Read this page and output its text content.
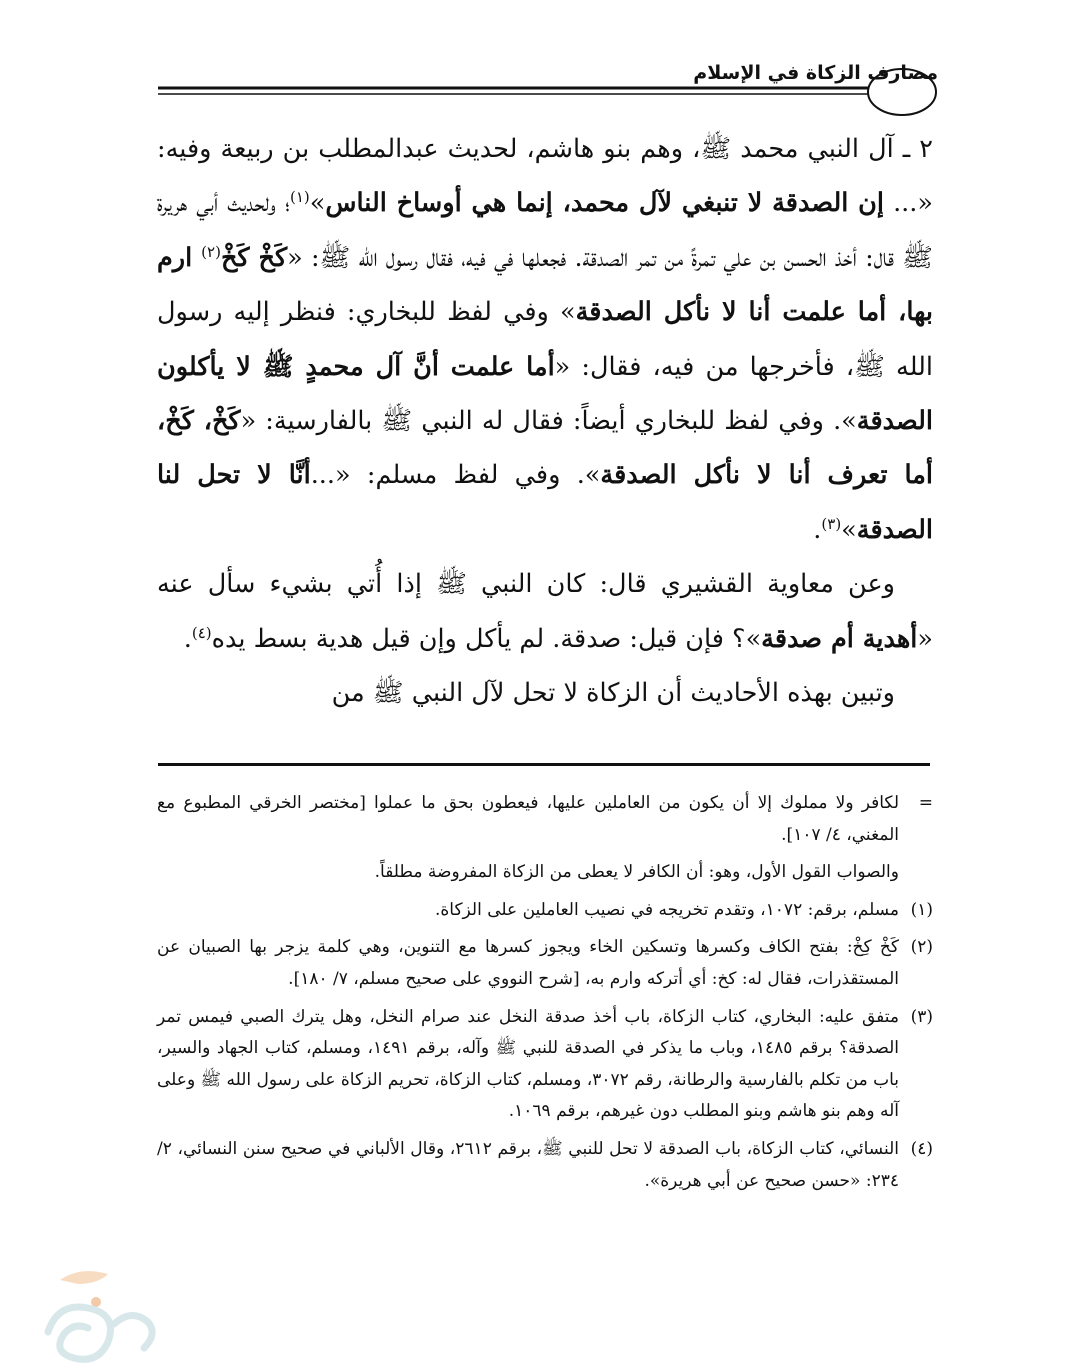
مصارف الزكاة في الإسلام

٢ ـ آل النبي محمد ﷺ، وهم بنو هاشم، لحديث عبدالمطلب بن ربيعة وفيه: «... إن الصدقة لا تنبغي لآل محمد، إنما هي أوساخ الناس»$^{(١)}$؛ ولحديث أبي هريرة ﷺ قال: أخذ الحسن بن علي تمرةً من تمر الصدقة. فجعلها في فيه، فقال رسول الله ﷺ: «كَخْ كَخْ$^{(٢)}$ ارم بها، أما علمت أنا لا نأكل الصدقة» وفي لفظ للبخاري: فنظر إليه رسول الله ﷺ، فأخرجها من فيه، فقال: «أما علمت أنَّ آل محمدٍ ﷺ لا يأكلون الصدقة». وفي لفظ للبخاري أيضاً: فقال له النبي ﷺ بالفارسية: «كَخْ، كَخْ، أما تعرف أنا لا نأكل الصدقة». وفي لفظ مسلم: «...أنَّا لا تحل لنا الصدقة»$^{(٣)}$.

وعن معاوية القشيري قال: كان النبي ﷺ إذا أُتي بشيء سأل عنه «أهدية أم صدقة»؟ فإن قيل: صدقة. لم يأكل وإن قيل هدية بسط يده$^{(٤)}$.

وتبين بهذه الأحاديث أن الزكاة لا تحل لآل النبي ﷺ من

=لكافر ولا مملوك إلا أن يكون من العاملين عليها، فيعطون بحق ما عملوا [مختصر الخرقي المطبوع مع المغني، ٤/ ١٠٧].

والصواب القول الأول، وهو: أن الكافر لا يعطى من الزكاة المفروضة مطلقاً.

(١)مسلم، برقم: ١٠٧٢، وتقدم تخريجه في نصيب العاملين على الزكاة.

(٢)كَخْ كِخْ: بفتح الكاف وكسرها وتسكين الخاء ويجوز كسرها مع التنوين، وهي كلمة يزجر بها الصبيان عن المستقذرات، فقال له: كخ: أي أتركه وارم به، [شرح النووي على صحيح مسلم، ٧/ ١٨٠].

(٣)متفق عليه: البخاري، كتاب الزكاة، باب أخذ صدقة النخل عند صرام النخل، وهل يترك الصبي فيمس تمر الصدقة؟ برقم ١٤٨٥، وباب ما يذكر في الصدقة للنبي ﷺ وآله، برقم ١٤٩١، ومسلم، كتاب الجهاد والسير، باب من تكلم بالفارسية والرطانة، رقم ٣٠٧٢، ومسلم، كتاب الزكاة، تحريم الزكاة على رسول الله ﷺ وعلى آله وهم بنو هاشم وبنو المطلب دون غيرهم، برقم ١٠٦٩.

(٤)النسائي، كتاب الزكاة، باب الصدقة لا تحل للنبي ﷺ، برقم ٢٦١٢، وقال الألباني في صحيح سنن النسائي، ٢/ ٢٣٤: «حسن صحيح عن أبي هريرة».
